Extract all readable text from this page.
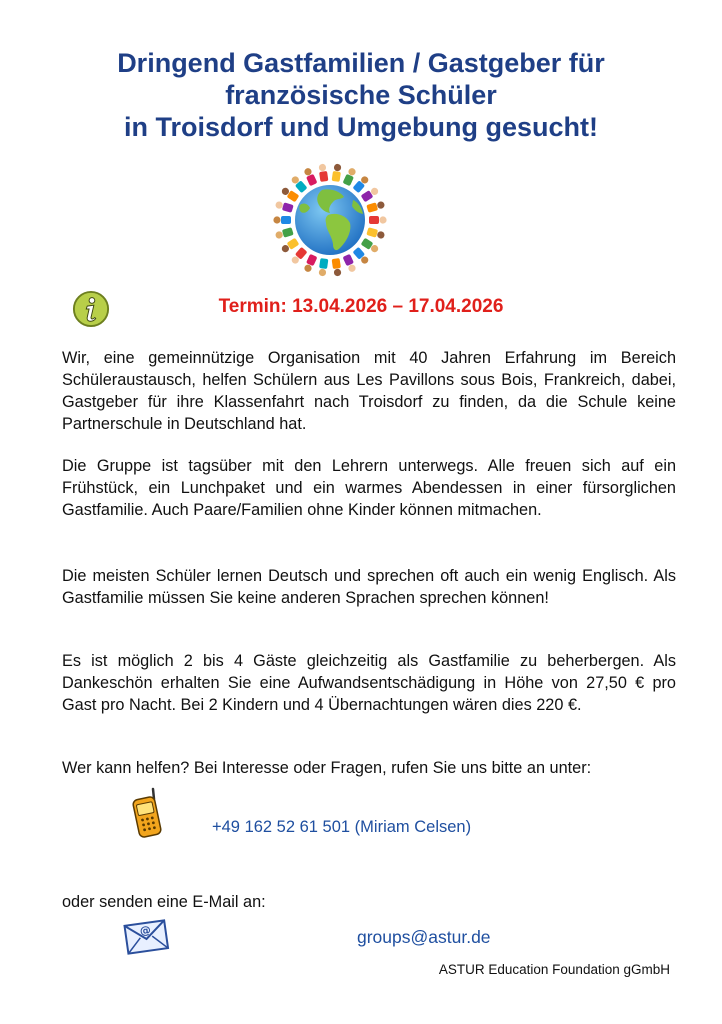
Dringend Gastfamilien / Gastgeber für
französische Schüler
in Troisdorf und Umgebung gesucht!
Termin: 13.04.2026 – 17.04.2026

Wir, eine gemeinnützige Organisation mit 40 Jahren Erfahrung im Bereich Schüleraustausch, helfen Schülern aus Les Pavillons sous Bois, Frankreich, dabei, Gastgeber für ihre Klassenfahrt nach Troisdorf zu finden, da die Schule keine Partnerschule in Deutschland hat.

Die Gruppe ist tagsüber mit den Lehrern unterwegs. Alle freuen sich auf ein Frühstück, ein Lunchpaket und ein warmes Abendessen in einer fürsorglichen Gastfamilie. Auch Paare/Familien ohne Kinder können mitmachen.

Die meisten Schüler lernen Deutsch und sprechen oft auch ein wenig Englisch. Als Gastfamilie müssen Sie keine anderen Sprachen sprechen können!

Es ist möglich 2 bis 4 Gäste gleichzeitig als Gastfamilie zu beherbergen. Als Dankeschön erhalten Sie eine Aufwandsentschädigung in Höhe von 27,50 € pro Gast pro Nacht. Bei 2 Kindern und 4 Übernachtungen wären dies 220 €.

Wer kann helfen? Bei Interesse oder Fragen, rufen Sie uns bitte an unter:

+49 162 52 61 501 (Miriam Celsen)

oder senden eine E-Mail an:

@	groups@astur.de
ASTUR Education Foundation gGmbH
